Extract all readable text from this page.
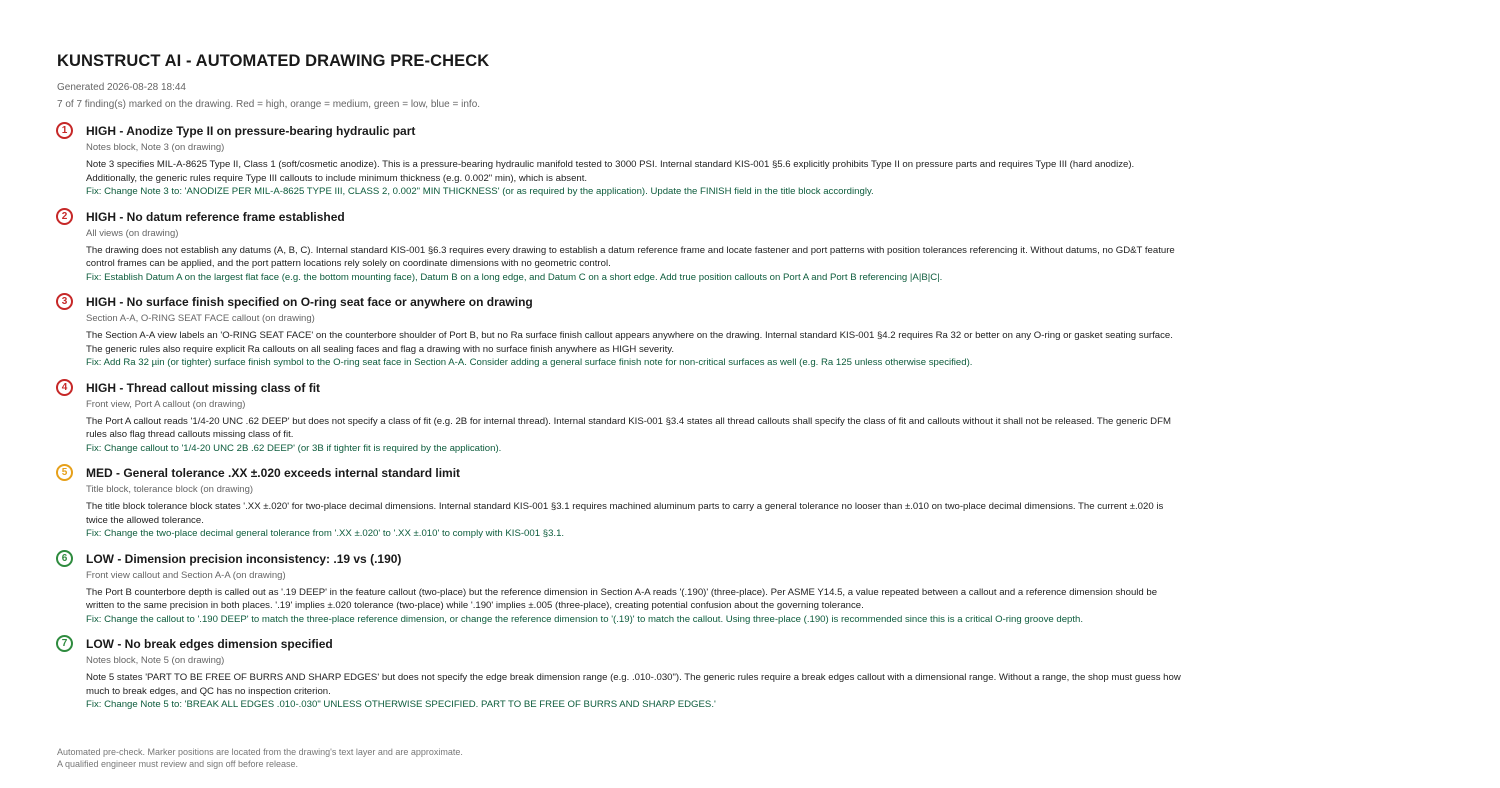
KUNSTRUCT AI - AUTOMATED DRAWING PRE-CHECK
Generated 2026-08-28 18:44
7 of 7 finding(s) marked on the drawing. Red = high, orange = medium, green = low, blue = info.
1	HIGH - Anodize Type II on pressure-bearing hydraulic part
Notes block, Note 3 (on drawing)
Note 3 specifies MIL-A-8625 Type II, Class 1 (soft/cosmetic anodize). This is a pressure-bearing hydraulic manifold tested to 3000 PSI. Internal standard KIS-001 §5.6 explicitly prohibits Type II on pressure parts and requires Type III (hard anodize). Additionally, the generic rules require Type III callouts to include minimum thickness (e.g. 0.002" min), which is absent.
Fix: Change Note 3 to: 'ANODIZE PER MIL-A-8625 TYPE III, CLASS 2, 0.002" MIN THICKNESS' (or as required by the application). Update the FINISH field in the title block accordingly.
2	HIGH - No datum reference frame established
All views (on drawing)
The drawing does not establish any datums (A, B, C). Internal standard KIS-001 §6.3 requires every drawing to establish a datum reference frame and locate fastener and port patterns with position tolerances referencing it. Without datums, no GD&T feature control frames can be applied, and the port pattern locations rely solely on coordinate dimensions with no geometric control.
Fix: Establish Datum A on the largest flat face (e.g. the bottom mounting face), Datum B on a long edge, and Datum C on a short edge. Add true position callouts on Port A and Port B referencing |A|B|C|.
3	HIGH - No surface finish specified on O-ring seat face or anywhere on drawing
Section A-A, O-RING SEAT FACE callout (on drawing)
The Section A-A view labels an 'O-RING SEAT FACE' on the counterbore shoulder of Port B, but no Ra surface finish callout appears anywhere on the drawing. Internal standard KIS-001 §4.2 requires Ra 32 or better on any O-ring or gasket seating surface. The generic rules also require explicit Ra callouts on all sealing faces and flag a drawing with no surface finish anywhere as HIGH severity.
Fix: Add Ra 32 µin (or tighter) surface finish symbol to the O-ring seat face in Section A-A. Consider adding a general surface finish note for non-critical surfaces as well (e.g. Ra 125 unless otherwise specified).
4	HIGH - Thread callout missing class of fit
Front view, Port A callout (on drawing)
The Port A callout reads '1/4-20 UNC .62 DEEP' but does not specify a class of fit (e.g. 2B for internal thread). Internal standard KIS-001 §3.4 states all thread callouts shall specify the class of fit and callouts without it shall not be released. The generic DFM rules also flag thread callouts missing class of fit.
Fix: Change callout to '1/4-20 UNC 2B .62 DEEP' (or 3B if tighter fit is required by the application).
5	MED - General tolerance .XX ±.020 exceeds internal standard limit
Title block, tolerance block (on drawing)
The title block tolerance block states '.XX ±.020' for two-place decimal dimensions. Internal standard KIS-001 §3.1 requires machined aluminum parts to carry a general tolerance no looser than ±.010 on two-place decimal dimensions. The current ±.020 is twice the allowed tolerance.
Fix: Change the two-place decimal general tolerance from '.XX ±.020' to '.XX ±.010' to comply with KIS-001 §3.1.
6	LOW - Dimension precision inconsistency: .19 vs (.190)
Front view callout and Section A-A (on drawing)
The Port B counterbore depth is called out as '.19 DEEP' in the feature callout (two-place) but the reference dimension in Section A-A reads '(.190)' (three-place). Per ASME Y14.5, a value repeated between a callout and a reference dimension should be written to the same precision in both places. '.19' implies ±.020 tolerance (two-place) while '.190' implies ±.005 (three-place), creating potential confusion about the governing tolerance.
Fix: Change the callout to '.190 DEEP' to match the three-place reference dimension, or change the reference dimension to '(.19)' to match the callout. Using three-place (.190) is recommended since this is a critical O-ring groove depth.
7	LOW - No break edges dimension specified
Notes block, Note 5 (on drawing)
Note 5 states 'PART TO BE FREE OF BURRS AND SHARP EDGES' but does not specify the edge break dimension range (e.g. .010-.030"). The generic rules require a break edges callout with a dimensional range. Without a range, the shop must guess how much to break edges, and QC has no inspection criterion.
Fix: Change Note 5 to: 'BREAK ALL EDGES .010-.030" UNLESS OTHERWISE SPECIFIED. PART TO BE FREE OF BURRS AND SHARP EDGES.'
Automated pre-check. Marker positions are located from the drawing's text layer and are approximate.
A qualified engineer must review and sign off before release.
